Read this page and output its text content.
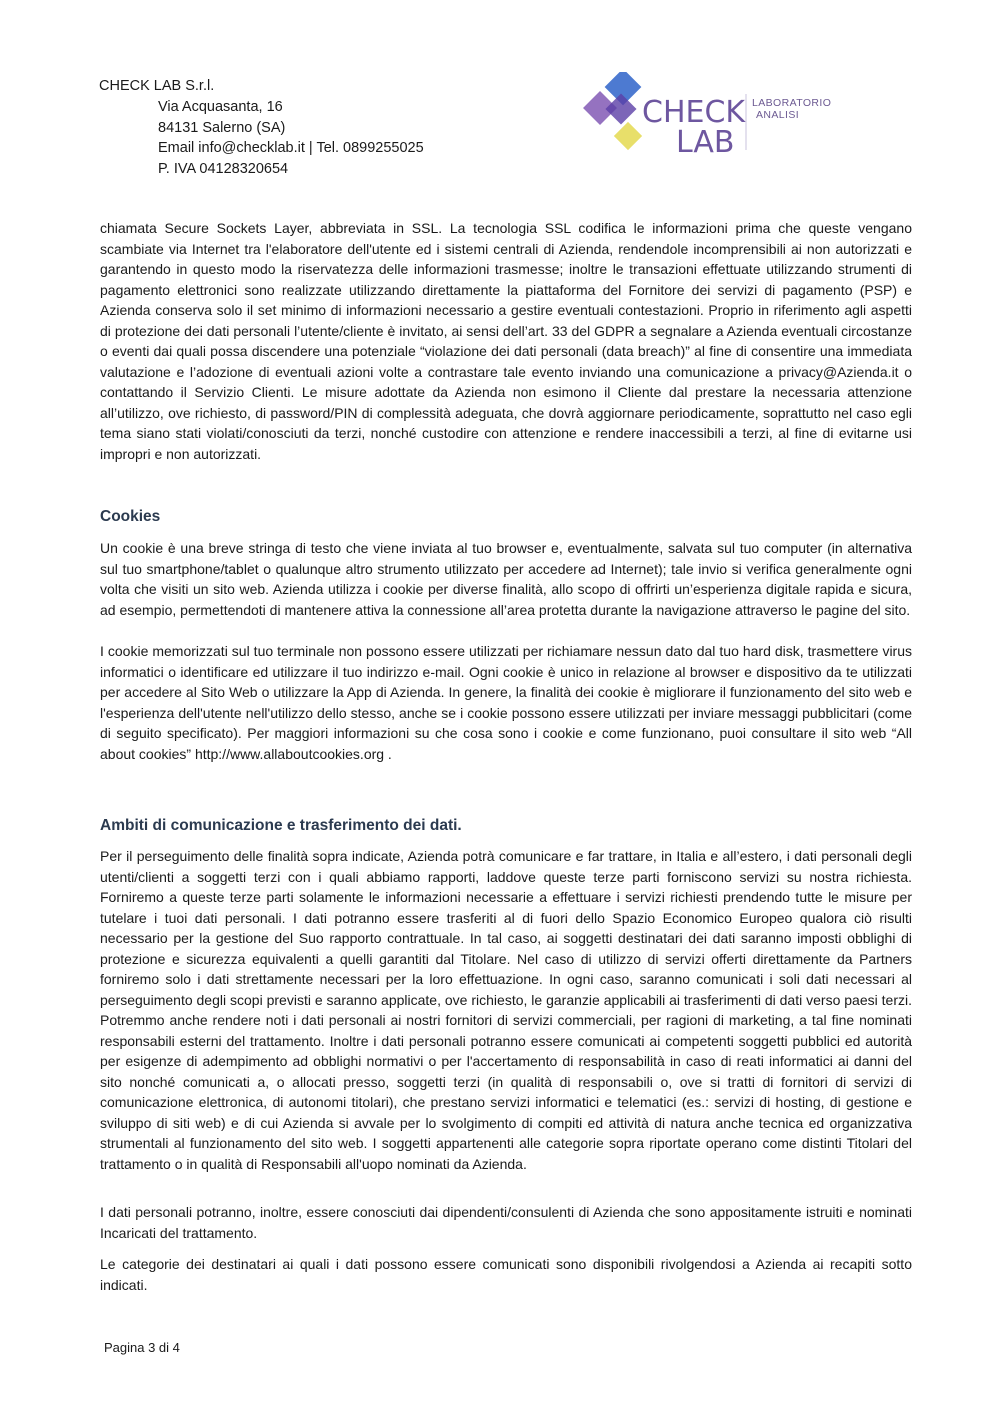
CHECK LAB S.r.l.
Via Acquasanta, 16
84131 Salerno (SA)
Email info@checklab.it | Tel. 0899255025
P. IVA 04128320654
CHECK
LAB
LABORATORIO
ANALISI

chiamata Secure Sockets Layer, abbreviata in SSL. La tecnologia SSL codifica le informazioni prima che queste vengano scambiate via Internet tra l'elaboratore dell'utente ed i sistemi centrali di Azienda, rendendole incomprensibili ai non autorizzati e garantendo in questo modo la riservatezza delle informazioni trasmesse; inoltre le transazioni effettuate utilizzando strumenti di pagamento elettronici sono realizzate utilizzando direttamente la piattaforma del Fornitore dei servizi di pagamento (PSP) e Azienda conserva solo il set minimo di informazioni necessario a gestire eventuali contestazioni. Proprio in riferimento agli aspetti di protezione dei dati personali l’utente/cliente è invitato, ai sensi dell’art. 33 del GDPR a segnalare a Azienda eventuali circostanze o eventi dai quali possa discendere una potenziale “violazione dei dati personali (data breach)” al fine di consentire una immediata valutazione e l’adozione di eventuali azioni volte a contrastare tale evento inviando una comunicazione a privacy@Azienda.it o contattando il Servizio Clienti. Le misure adottate da Azienda non esimono il Cliente dal prestare la necessaria attenzione all’utilizzo, ove richiesto, di password/PIN di complessità adeguata, che dovrà aggiornare periodicamente, soprattutto nel caso egli tema siano stati violati/conosciuti da terzi, nonché custodire con attenzione e rendere inaccessibili a terzi, al fine di evitarne usi impropri e non autorizzati.

Cookies

Un cookie è una breve stringa di testo che viene inviata al tuo browser e, eventualmente, salvata sul tuo computer (in alternativa sul tuo smartphone/tablet o qualunque altro strumento utilizzato per accedere ad Internet); tale invio si verifica generalmente ogni volta che visiti un sito web. Azienda utilizza i cookie per diverse finalità, allo scopo di offrirti un’esperienza digitale rapida e sicura, ad esempio, permettendoti di mantenere attiva la connessione all’area protetta durante la navigazione attraverso le pagine del sito.

I cookie memorizzati sul tuo terminale non possono essere utilizzati per richiamare nessun dato dal tuo hard disk, trasmettere virus informatici o identificare ed utilizzare il tuo indirizzo e-mail. Ogni cookie è unico in relazione al browser e dispositivo da te utilizzati per accedere al Sito Web o utilizzare la App di Azienda. In genere, la finalità dei cookie è migliorare il funzionamento del sito web e l'esperienza dell'utente nell'utilizzo dello stesso, anche se i cookie possono essere utilizzati per inviare messaggi pubblicitari (come di seguito specificato). Per maggiori informazioni su che cosa sono i cookie e come funzionano, puoi consultare il sito web “All about cookies” http://www.allaboutcookies.org .

Ambiti di comunicazione e trasferimento dei dati.

Per il perseguimento delle finalità sopra indicate, Azienda potrà comunicare e far trattare, in Italia e all’estero, i dati personali degli utenti/clienti a soggetti terzi con i quali abbiamo rapporti, laddove queste terze parti forniscono servizi su nostra richiesta. Forniremo a queste terze parti solamente le informazioni necessarie a effettuare i servizi richiesti prendendo tutte le misure per tutelare i tuoi dati personali. I dati potranno essere trasferiti al di fuori dello Spazio Economico Europeo qualora ciò risulti necessario per la gestione del Suo rapporto contrattuale. In tal caso, ai soggetti destinatari dei dati saranno imposti obblighi di protezione e sicurezza equivalenti a quelli garantiti dal Titolare. Nel caso di utilizzo di servizi offerti direttamente da Partners forniremo solo i dati strettamente necessari per la loro effettuazione. In ogni caso, saranno comunicati i soli dati necessari al perseguimento degli scopi previsti e saranno applicate, ove richiesto, le garanzie applicabili ai trasferimenti di dati verso paesi terzi. Potremmo anche rendere noti i dati personali ai nostri fornitori di servizi commerciali, per ragioni di marketing, a tal fine nominati responsabili esterni del trattamento. Inoltre i dati personali potranno essere comunicati ai competenti soggetti pubblici ed autorità per esigenze di adempimento ad obblighi normativi o per l'accertamento di responsabilità in caso di reati informatici ai danni del sito nonché comunicati a, o allocati presso, soggetti terzi (in qualità di responsabili o, ove si tratti di fornitori di servizi di comunicazione elettronica, di autonomi titolari), che prestano servizi informatici e telematici (es.: servizi di hosting, di gestione e sviluppo di siti web) e di cui Azienda si avvale per lo svolgimento di compiti ed attività di natura anche tecnica ed organizzativa strumentali al funzionamento del sito web. I soggetti appartenenti alle categorie sopra riportate operano come distinti Titolari del trattamento o in qualità di Responsabili all'uopo nominati da Azienda.

I dati personali potranno, inoltre, essere conosciuti dai dipendenti/consulenti di Azienda che sono appositamente istruiti e nominati Incaricati del trattamento.

Le categorie dei destinatari ai quali i dati possono essere comunicati sono disponibili rivolgendosi a Azienda ai recapiti sotto indicati.

Pagina 3 di 4
